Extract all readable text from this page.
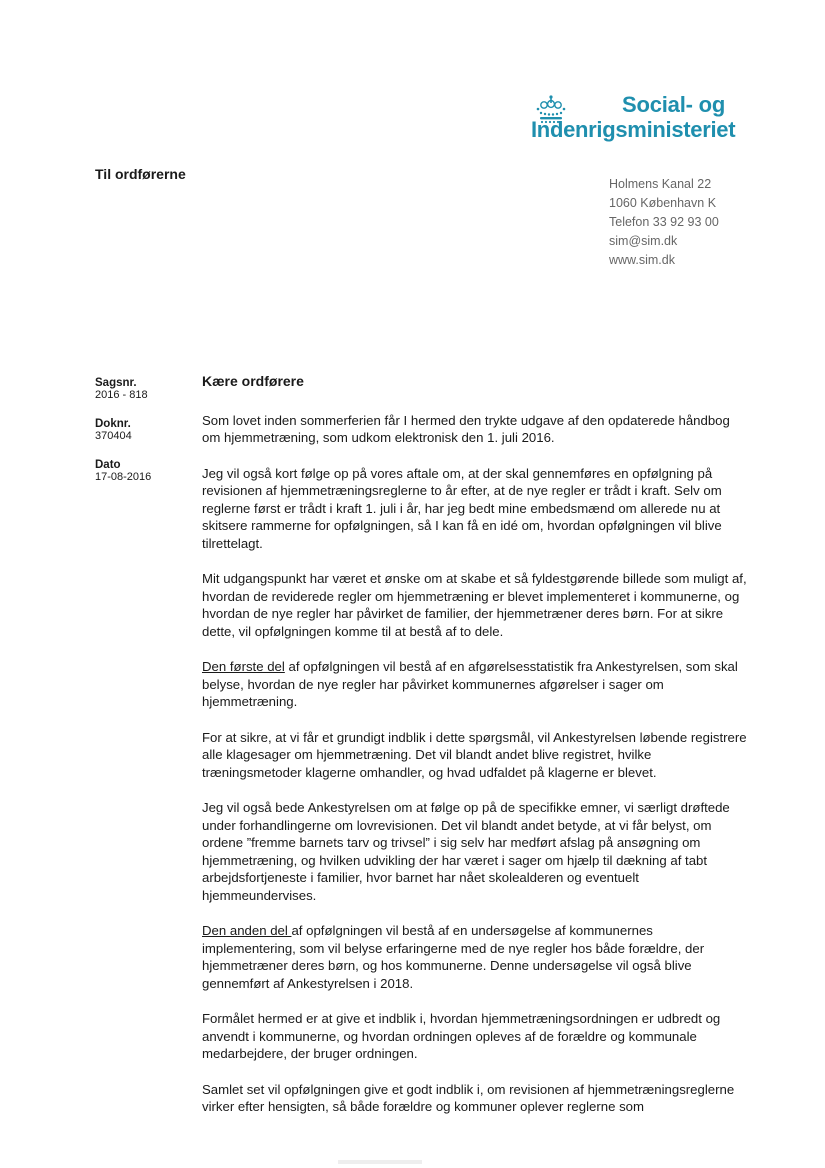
Social- og
Indenrigsministeriet
Til ordførerne
Holmens Kanal 22
1060 København K
Telefon 33 92 93 00
sim@sim.dk
www.sim.dk
Sagsnr.
2016 - 818
Doknr.
370404
Dato
17-08-2016
Kære ordførere

Som lovet inden sommerferien får I hermed den trykte udgave af den opdaterede håndbog om hjemmetræning, som udkom elektronisk den 1. juli 2016.

Jeg vil også kort følge op på vores aftale om, at der skal gennemføres en opfølgning på revisionen af hjemmetræningsreglerne to år efter, at de nye regler er trådt i kraft. Selv om reglerne først er trådt i kraft 1. juli i år, har jeg bedt mine embedsmænd om allerede nu at skitsere rammerne for opfølgningen, så I kan få en idé om, hvordan opfølgningen vil blive tilrettelagt.

Mit udgangspunkt har været et ønske om at skabe et så fyldestgørende billede som muligt af, hvordan de reviderede regler om hjemmetræning er blevet implementeret i kommunerne, og hvordan de nye regler har påvirket de familier, der hjemmetræner deres børn. For at sikre dette, vil opfølgningen komme til at bestå af to dele.

Den første del af opfølgningen vil bestå af en afgørelsesstatistik fra Ankestyrelsen, som skal belyse, hvordan de nye regler har påvirket kommunernes afgørelser i sager om hjemmetræning.

For at sikre, at vi får et grundigt indblik i dette spørgsmål, vil Ankestyrelsen løbende registrere alle klagesager om hjemmetræning. Det vil blandt andet blive registret, hvilke træningsmetoder klagerne omhandler, og hvad udfaldet på klagerne er blevet.

Jeg vil også bede Ankestyrelsen om at følge op på de specifikke emner, vi særligt drøftede under forhandlingerne om lovrevisionen. Det vil blandt andet betyde, at vi får belyst, om ordene ”fremme barnets tarv og trivsel” i sig selv har medført afslag på ansøgning om hjemmetræning, og hvilken udvikling der har været i sager om hjælp til dækning af tabt arbejdsfortjeneste i familier, hvor barnet har nået skolealderen og eventuelt hjemmeundervises.

Den anden del af opfølgningen vil bestå af en undersøgelse af kommunernes implementering, som vil belyse erfaringerne med de nye regler hos både forældre, der hjemmetræner deres børn, og hos kommunerne. Denne undersøgelse vil også blive gennemført af Ankestyrelsen i 2018.

Formålet hermed er at give et indblik i, hvordan hjemmetræningsordningen er udbredt og anvendt i kommunerne, og hvordan ordningen opleves af de forældre og kommunale medarbejdere, der bruger ordningen.

Samlet set vil opfølgningen give et godt indblik i, om revisionen af hjemmetræningsreglerne virker efter hensigten, så både forældre og kommuner oplever reglerne som
